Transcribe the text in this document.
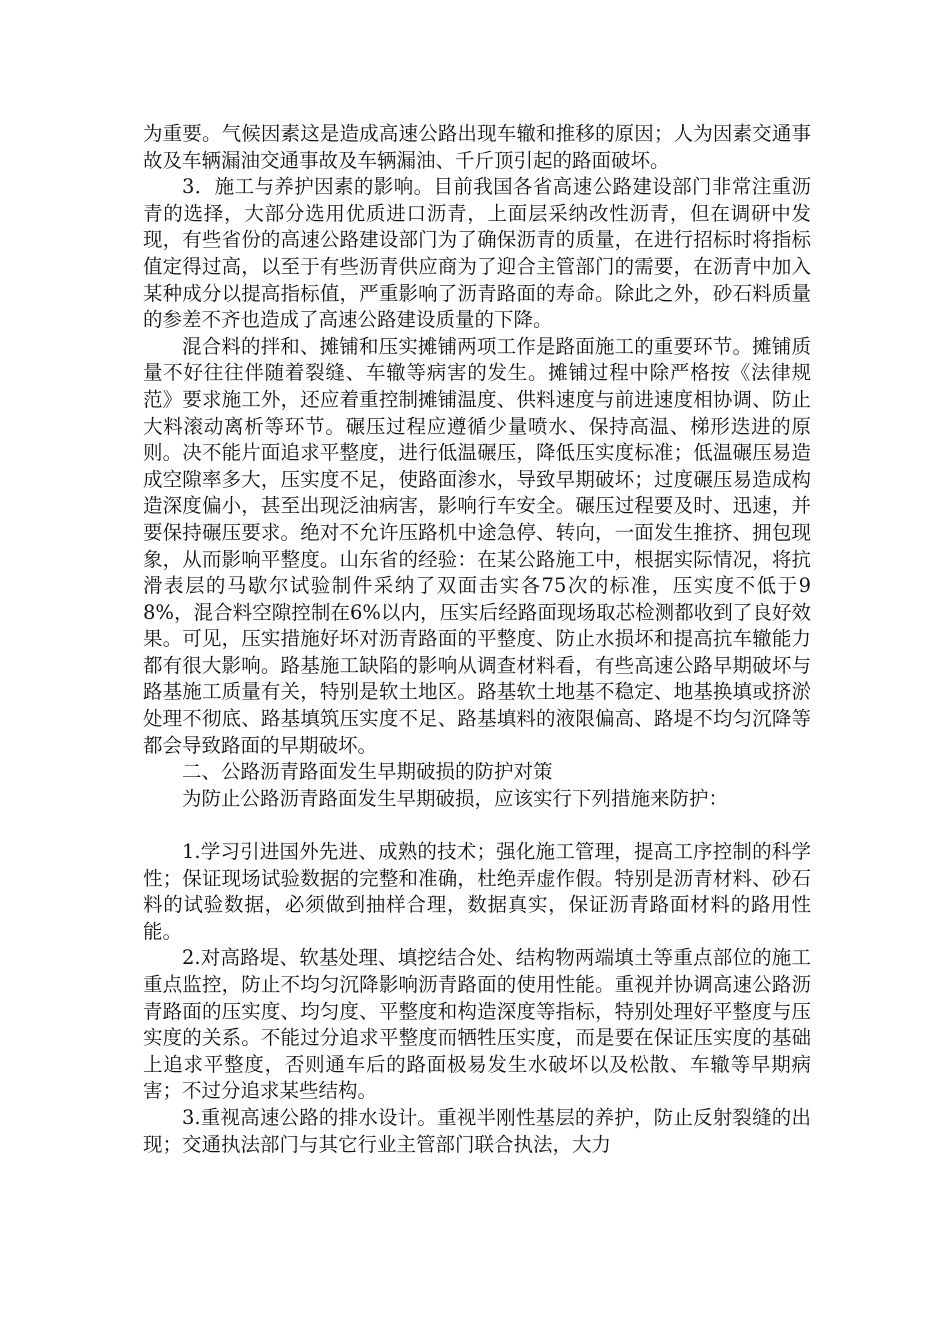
为重要。气候因素这是造成高速公路出现车辙和推移的原因；人为因素交通事故及车辆漏油交通事故及车辆漏油、千斤顶引起的路面破坏。

3．施工与养护因素的影响。目前我国各省高速公路建设部门非常注重沥青的选择，大部分选用优质进口沥青，上面层采纳改性沥青，但在调研中发现，有些省份的高速公路建设部门为了确保沥青的质量，在进行招标时将指标值定得过高，以至于有些沥青供应商为了迎合主管部门的需要，在沥青中加入某种成分以提高指标值，严重影响了沥青路面的寿命。除此之外，砂石料质量的参差不齐也造成了高速公路建设质量的下降。

混合料的拌和、摊铺和压实摊铺两项工作是路面施工的重要环节。摊铺质量不好往往伴随着裂缝、车辙等病害的发生。摊铺过程中除严格按《法律规范》要求施工外，还应着重控制摊铺温度、供料速度与前进速度相协调、防止大料滚动离析等环节。碾压过程应遵循少量喷水、保持高温、梯形迭进的原则。决不能片面追求平整度，进行低温碾压，降低压实度标准；低温碾压易造成空隙率多大，压实度不足，使路面渗水，导致早期破坏；过度碾压易造成构造深度偏小，甚至出现泛油病害，影响行车安全。碾压过程要及时、迅速，并要保持碾压要求。绝对不允许压路机中途急停、转向，一面发生推挤、拥包现象，从而影响平整度。山东省的经验：在某公路施工中，根据实际情况，将抗滑表层的马歇尔试验制件采纳了双面击实各75次的标准，压实度不低于98%，混合料空隙控制在6%以内，压实后经路面现场取芯检测都收到了良好效果。可见，压实措施好坏对沥青路面的平整度、防止水损坏和提高抗车辙能力都有很大影响。路基施工缺陷的影响从调查材料看，有些高速公路早期破坏与路基施工质量有关，特别是软土地区。路基软土地基不稳定、地基换填或挤淤处理不彻底、路基填筑压实度不足、路基填料的液限偏高、路堤不均匀沉降等都会导致路面的早期破坏。

二、公路沥青路面发生早期破损的防护对策

为防止公路沥青路面发生早期破损，应该实行下列措施来防护：

1.学习引进国外先进、成熟的技术；强化施工管理，提高工序控制的科学性；保证现场试验数据的完整和准确，杜绝弄虚作假。特别是沥青材料、砂石料的试验数据，必须做到抽样合理，数据真实，保证沥青路面材料的路用性能。

2.对高路堤、软基处理、填挖结合处、结构物两端填土等重点部位的施工重点监控，防止不均匀沉降影响沥青路面的使用性能。重视并协调高速公路沥青路面的压实度、均匀度、平整度和构造深度等指标，特别处理好平整度与压实度的关系。不能过分追求平整度而牺牲压实度，而是要在保证压实度的基础上追求平整度，否则通车后的路面极易发生水破坏以及松散、车辙等早期病害；不过分追求某些结构。

3.重视高速公路的排水设计。重视半刚性基层的养护，防止反射裂缝的出现；交通执法部门与其它行业主管部门联合执法，大力
